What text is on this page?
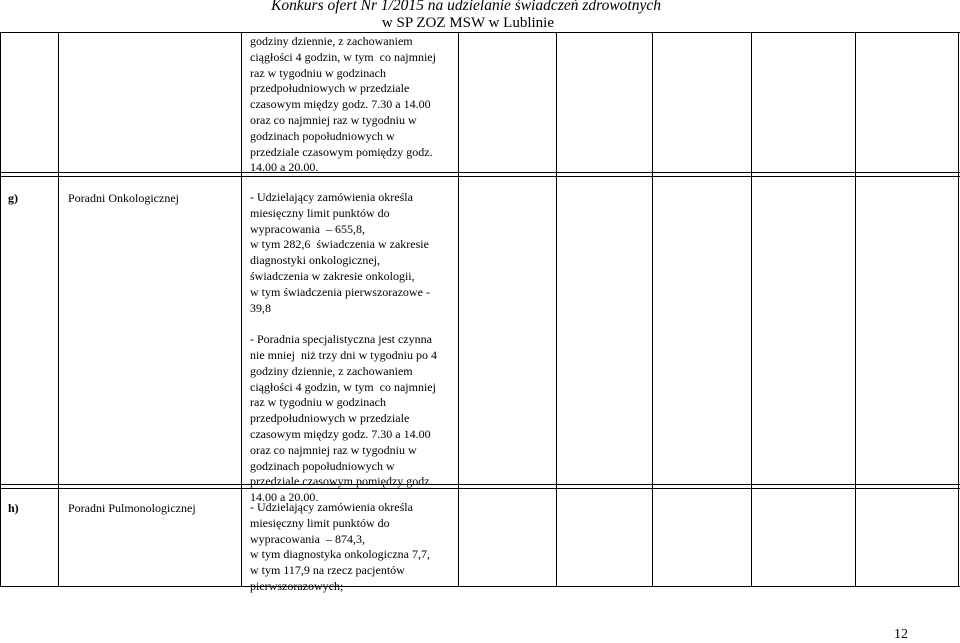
Konkurs ofert Nr 1/2015 na udzielanie świadczeń zdrowotnych
w SP ZOZ MSW w Lublinie
godziny dziennie, z zachowaniem
ciągłości 4 godzin, w tym  co najmniej
raz w tygodniu w godzinach
przedpołudniowych w przedziale
czasowym między godz. 7.30 a 14.00
oraz co najmniej raz w tygodniu w
godzinach popołudniowych w
przedziale czasowym pomiędzy godz.
14.00 a 20.00.
g)	Poradni Onkologicznej	- Udzielający zamówienia określa
miesięczny limit punktów do
wypracowania  – 655,8,
w tym 282,6  świadczenia w zakresie
diagnostyki onkologicznej,
świadczenia w zakresie onkologii,
w tym świadczenia pierwszorazowe -
39,8

- Poradnia specjalistyczna jest czynna
nie mniej  niż trzy dni w tygodniu po 4
godziny dziennie, z zachowaniem
ciągłości 4 godzin, w tym  co najmniej
raz w tygodniu w godzinach
przedpołudniowych w przedziale
czasowym między godz. 7.30 a 14.00
oraz co najmniej raz w tygodniu w
godzinach popołudniowych w
przedziale czasowym pomiędzy godz.
14.00 a 20.00.
h)	Poradni Pulmonologicznej	- Udzielający zamówienia określa
miesięczny limit punktów do
wypracowania  – 874,3,
w tym diagnostyka onkologiczna 7,7,
w tym 117,9 na rzecz pacjentów
pierwszorazowych;
12
